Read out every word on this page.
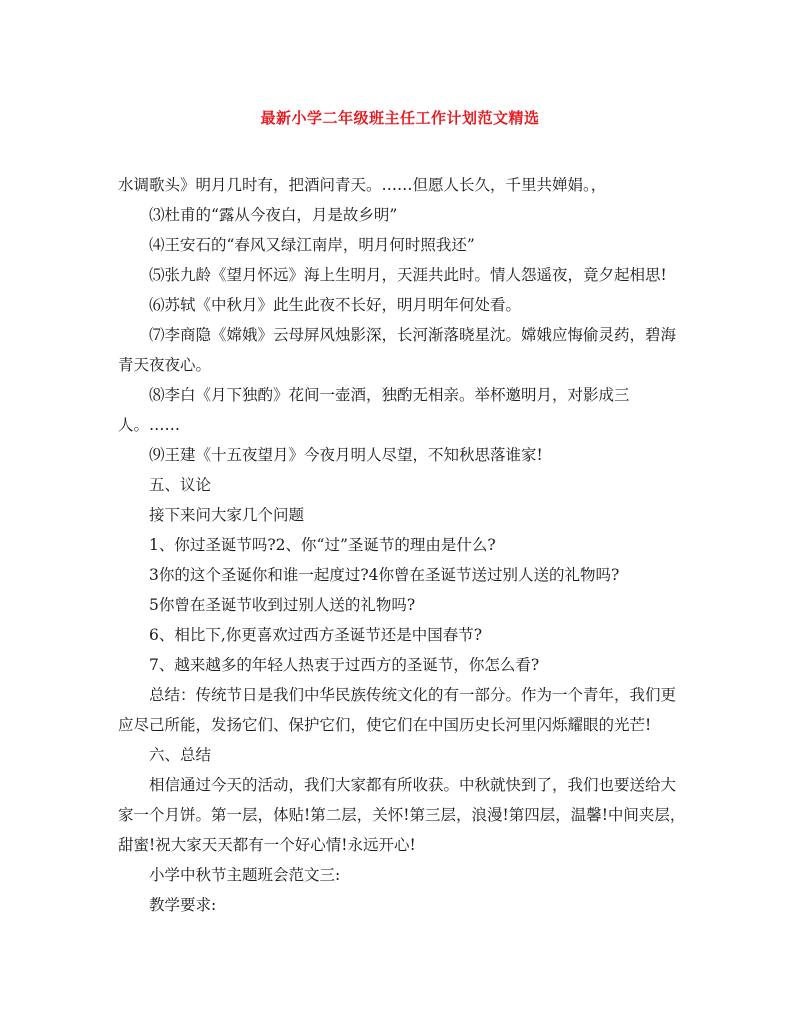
最新小学二年级班主任工作计划范文精选

水调歌头》明月几时有，把酒问青天。……但愿人长久，千里共婵娟。，

⑶杜甫的“露从今夜白，月是故乡明”

⑷王安石的“春风又绿江南岸，明月何时照我还”

⑸张九龄《望月怀远》海上生明月，天涯共此时。情人怨遥夜，竟夕起相思!

⑹苏轼《中秋月》此生此夜不长好，明月明年何处看。

⑺李商隐《嫦娥》云母屏风烛影深，长河渐落晓星沈。嫦娥应悔偷灵药，碧海青天夜夜心。

⑻李白《月下独酌》花间一壶酒，独酌无相亲。举杯邀明月，对影成三人。……

⑼王建《十五夜望月》今夜月明人尽望，不知秋思落谁家!

五、议论

接下来问大家几个问题

1、你过圣诞节吗?2、你“过”圣诞节的理由是什么?

3你的这个圣诞你和谁一起度过?4你曾在圣诞节送过别人送的礼物吗?

5你曾在圣诞节收到过别人送的礼物吗?

6、相比下,你更喜欢过西方圣诞节还是中国春节?

7、越来越多的年轻人热衷于过西方的圣诞节，你怎么看?

总结：传统节日是我们中华民族传统文化的有一部分。作为一个青年，我们更应尽己所能，发扬它们、保护它们，使它们在中国历史长河里闪烁耀眼的光芒!

六、总结

相信通过今天的活动，我们大家都有所收获。中秋就快到了，我们也要送给大家一个月饼。第一层，体贴!第二层，关怀!第三层，浪漫!第四层，温馨!中间夹层，甜蜜!祝大家天天都有一个好心情!永远开心!

小学中秋节主题班会范文三:

教学要求:
